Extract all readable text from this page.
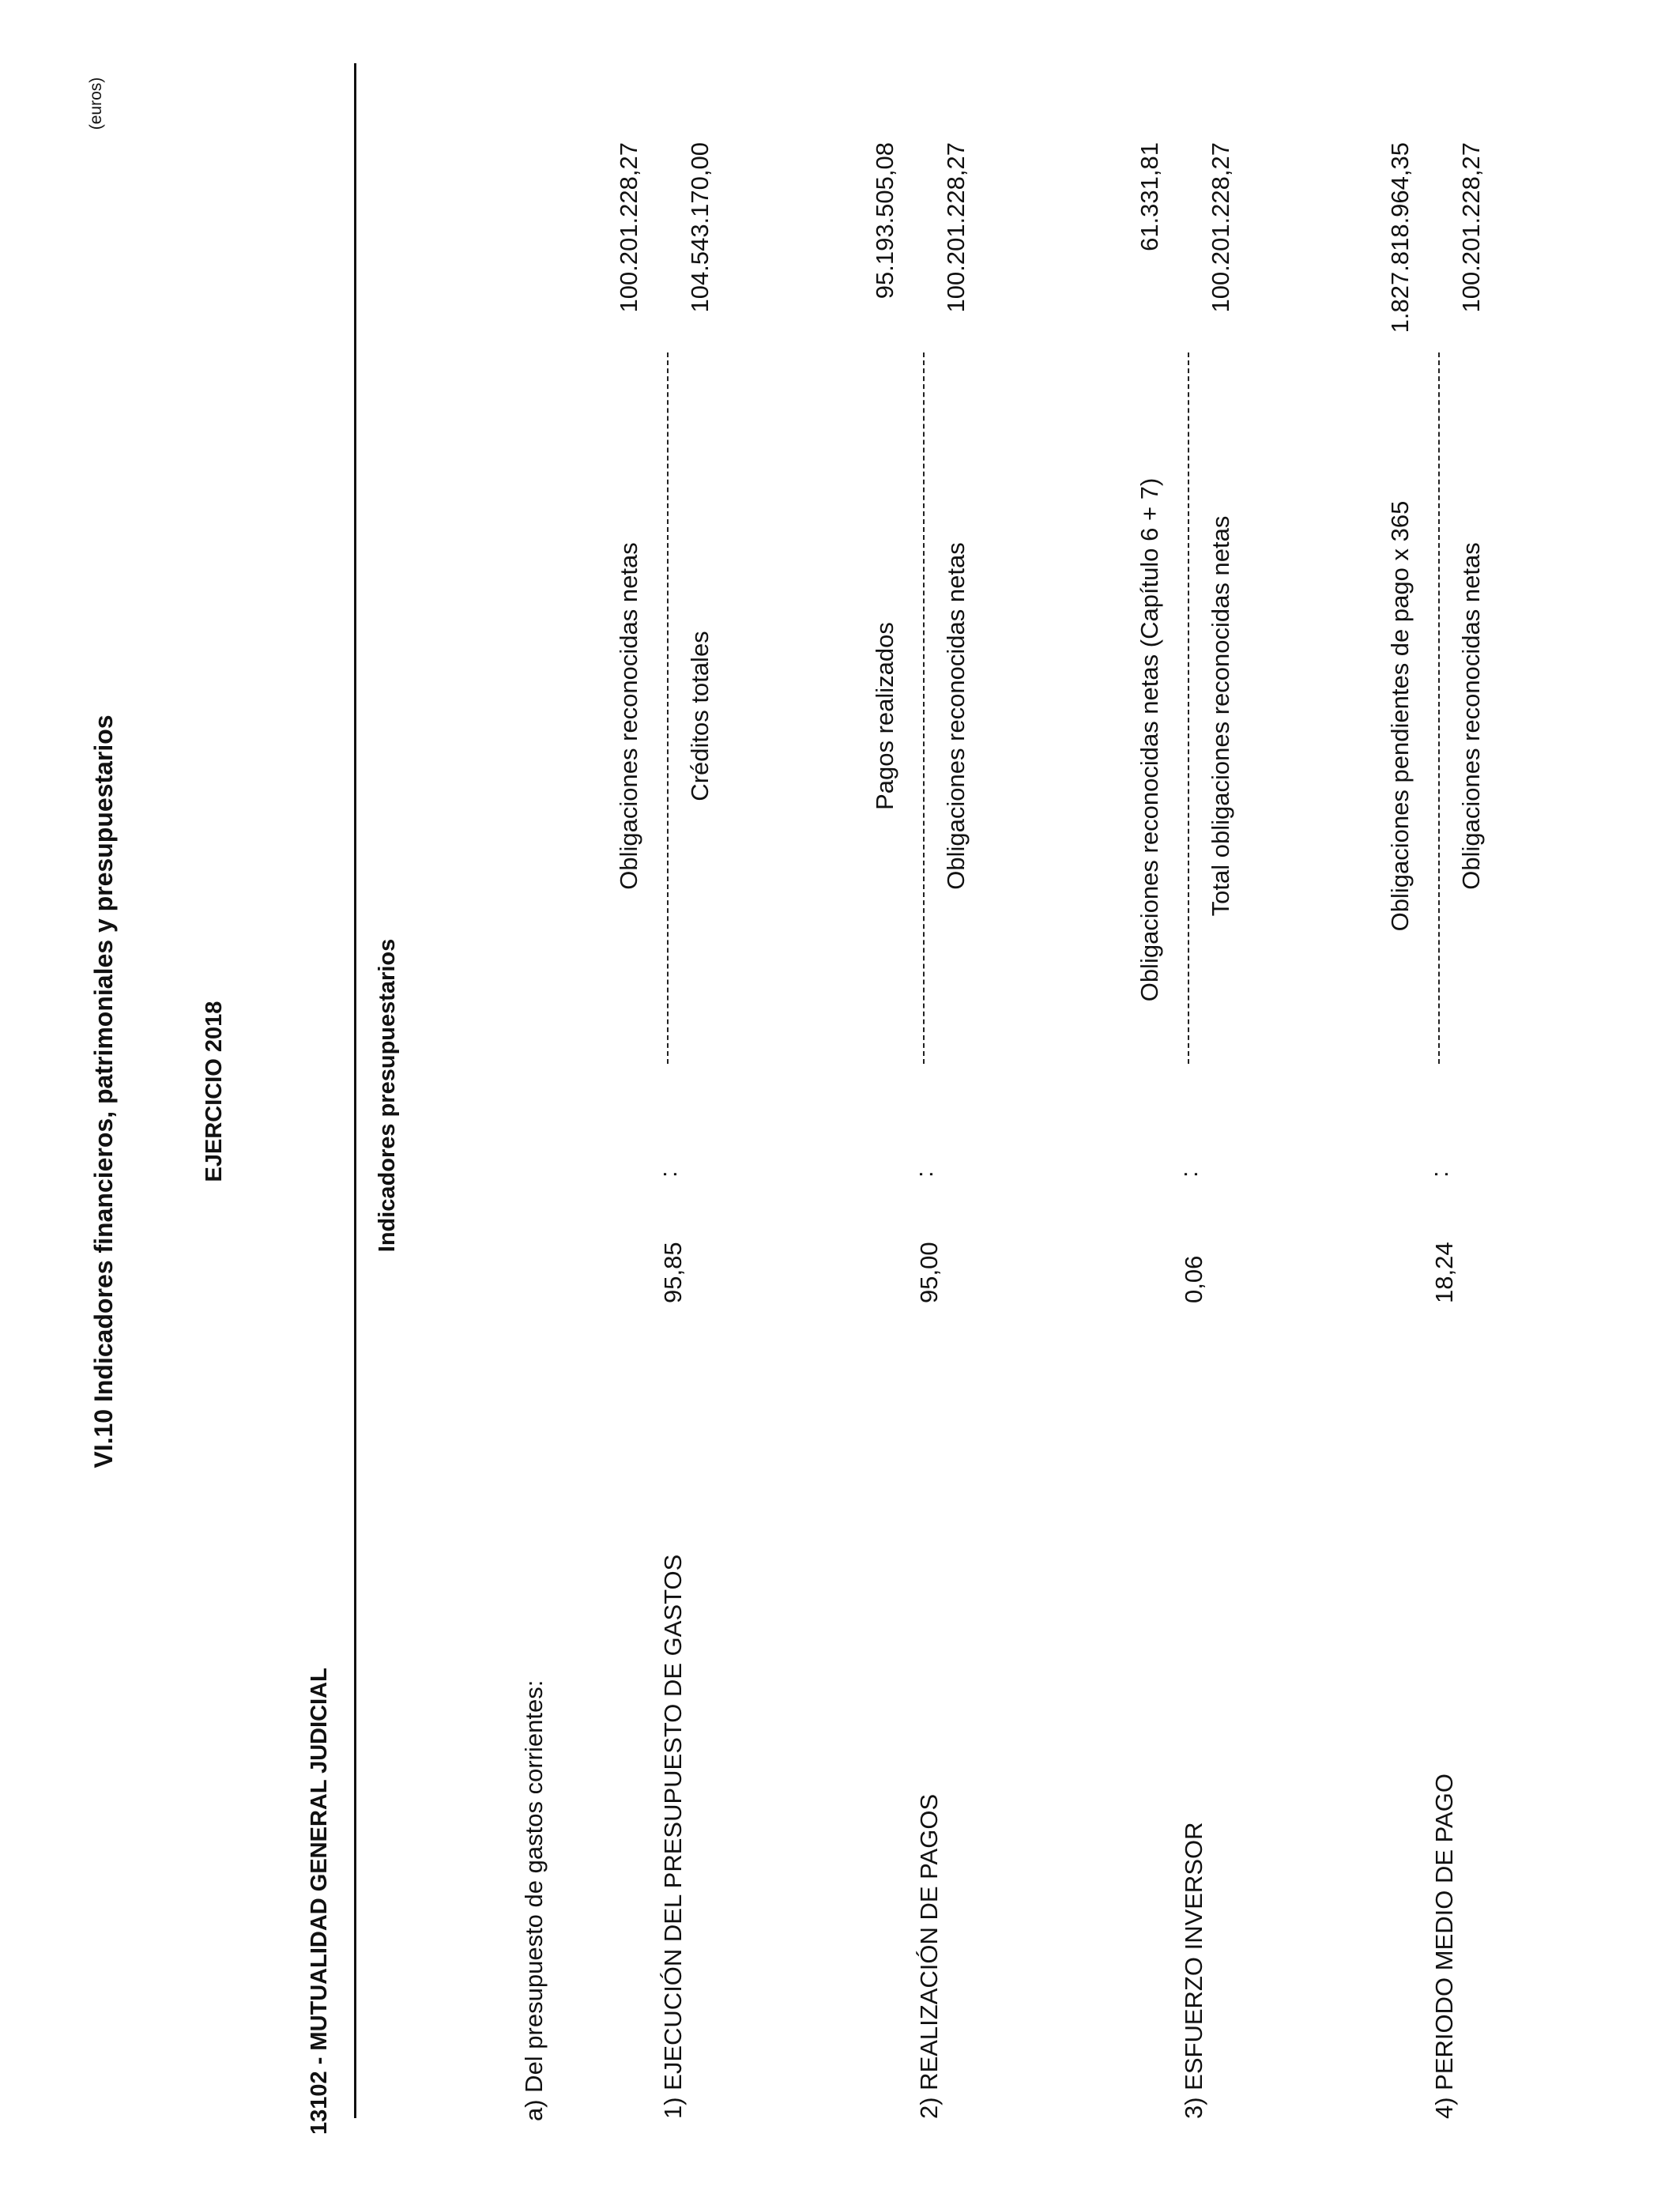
VI.10 Indicadores financieros, patrimoniales y presupuestarios
13102 - MUTUALIDAD GENERAL JUDICIAL
EJERCICIO 2018
(euros)
Indicadores presupuestarios
a) Del presupuesto de gastos corrientes:	1) EJECUCIÓN DEL PRESUPUESTO DE GASTOS
95,85
:
Obligaciones reconocidas netas Créditos totales
100.201.228,27 104.543.170,00
2) REALIZACIÓN DE PAGOS
95,00
:
Pagos realizados Obligaciones reconocidas netas
95.193.505,08 100.201.228,27
3) ESFUERZO INVERSOR
0,06
:
Obligaciones reconocidas netas (Capítulo 6 + 7) Total obligaciones reconocidas netas
61.331,81 100.201.228,27
4) PERIODO MEDIO DE PAGO
18,24
:
Obligaciones pendientes de pago x 365 Obligaciones reconocidas netas
1.827.818.964,35 100.201.228,27
